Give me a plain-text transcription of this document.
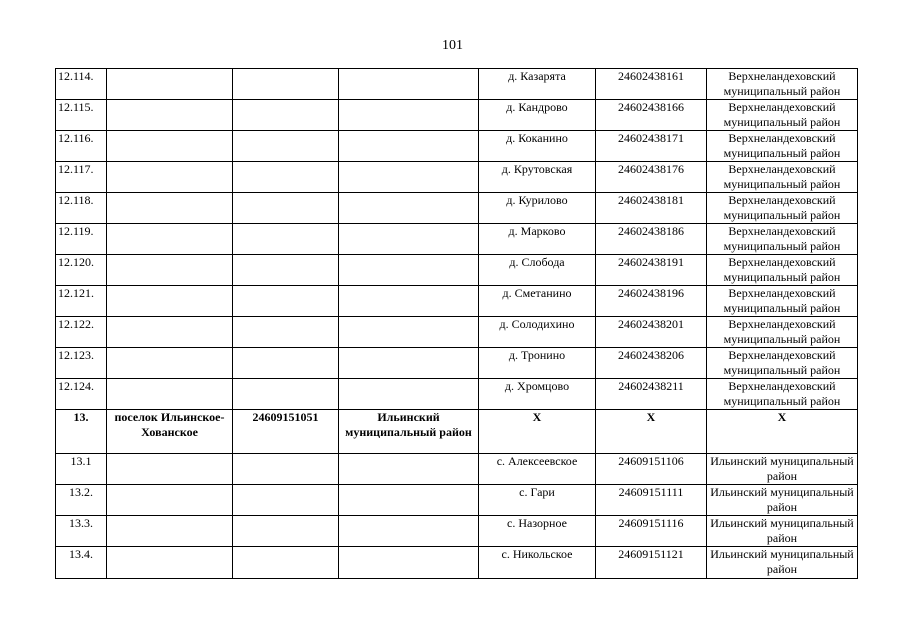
101
12.114.				д. Казарята	24602438161	Верхнеландеховский муниципальный район
12.115.				д. Кандрово	24602438166	Верхнеландеховский муниципальный район
12.116.				д. Коканино	24602438171	Верхнеландеховский муниципальный район
12.117.				д. Крутовская	24602438176	Верхнеландеховский муниципальный район
12.118.				д. Курилово	24602438181	Верхнеландеховский муниципальный район
12.119.				д. Марково	24602438186	Верхнеландеховский муниципальный район
12.120.				д. Слобода	24602438191	Верхнеландеховский муниципальный район
12.121.				д. Сметанино	24602438196	Верхнеландеховский муниципальный район
12.122.				д. Солодихино	24602438201	Верхнеландеховский муниципальный район
12.123.				д. Тронино	24602438206	Верхнеландеховский муниципальный район
12.124.				д. Хромцово	24602438211	Верхнеландеховский муниципальный район
13.	поселок Ильинское-Хованское	24609151051	Ильинский муниципальный район	X	X	X
13.1				с. Алексеевское	24609151106	Ильинский муниципальный район
13.2.				с. Гари	24609151111	Ильинский муниципальный район
13.3.				с. Назорное	24609151116	Ильинский муниципальный район
13.4.				с. Никольское	24609151121	Ильинский муниципальный район
